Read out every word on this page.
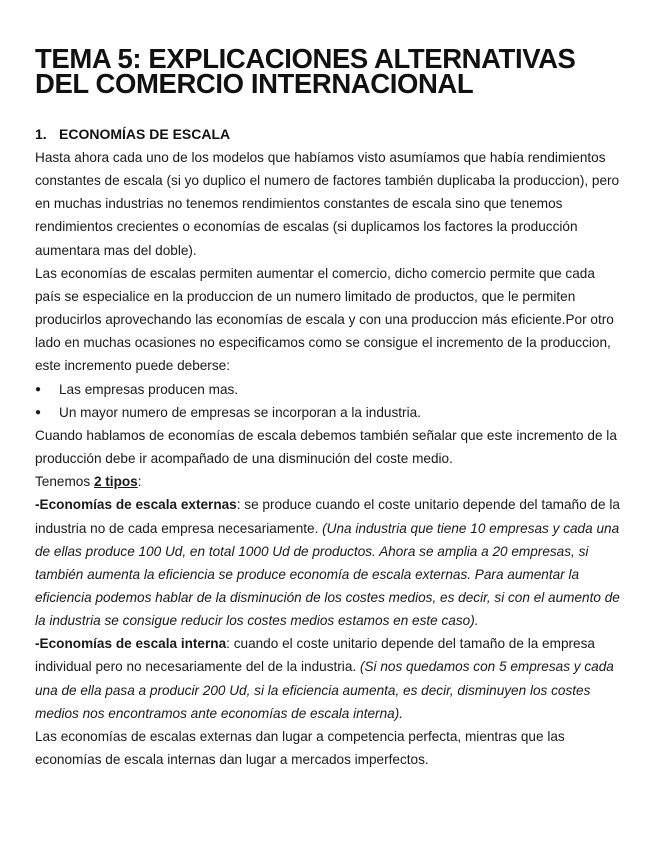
TEMA 5: EXPLICACIONES ALTERNATIVAS
DEL COMERCIO INTERNACIONAL
1. ECONOMÍAS DE ESCALA

Hasta ahora cada uno de los modelos que habíamos visto asumíamos que había rendimientos constantes de escala (si yo duplico el numero de factores también duplicaba la produccion), pero en muchas industrias no tenemos rendimientos constantes de escala sino que tenemos rendimientos crecientes o economías de escalas (si duplicamos los factores la producción aumentara mas del doble).

Las economías de escalas permiten aumentar el comercio, dicho comercio permite que cada país se especialice en la produccion de un numero limitado de productos, que le permiten producirlos aprovechando las economías de escala y con una produccion más eficiente.Por otro lado en muchas ocasiones no especificamos como se consigue el incremento de la produccion, este incremento puede deberse:

● Las empresas producen mas.
● Un mayor numero de empresas se incorporan a la industria.

Cuando hablamos de economías de escala debemos también señalar que este incremento de la producción debe ir acompañado de una disminución del coste medio.

Tenemos 2 tipos:

-Economías de escala externas: se produce cuando el coste unitario depende del tamaño de la industria no de cada empresa necesariamente. (Una industria que tiene 10 empresas y cada una de ellas produce 100 Ud, en total 1000 Ud de productos. Ahora se amplia a 20 empresas, si también aumenta la eficiencia se produce economía de escala externas. Para aumentar la eficiencia podemos hablar de la disminución de los costes medios, es decir, si con el aumento de la industria se consigue reducir los costes medios estamos en este caso).

-Economías de escala interna: cuando el coste unitario depende del tamaño de la empresa individual pero no necesariamente del de la industria. (Si nos quedamos con 5 empresas y cada una de ella pasa a producir 200 Ud, si la eficiencia aumenta, es decir, disminuyen los costes medios nos encontramos ante economías de escala interna).

Las economías de escalas externas dan lugar a competencia perfecta, mientras que las economías de escala internas dan lugar a mercados imperfectos.
